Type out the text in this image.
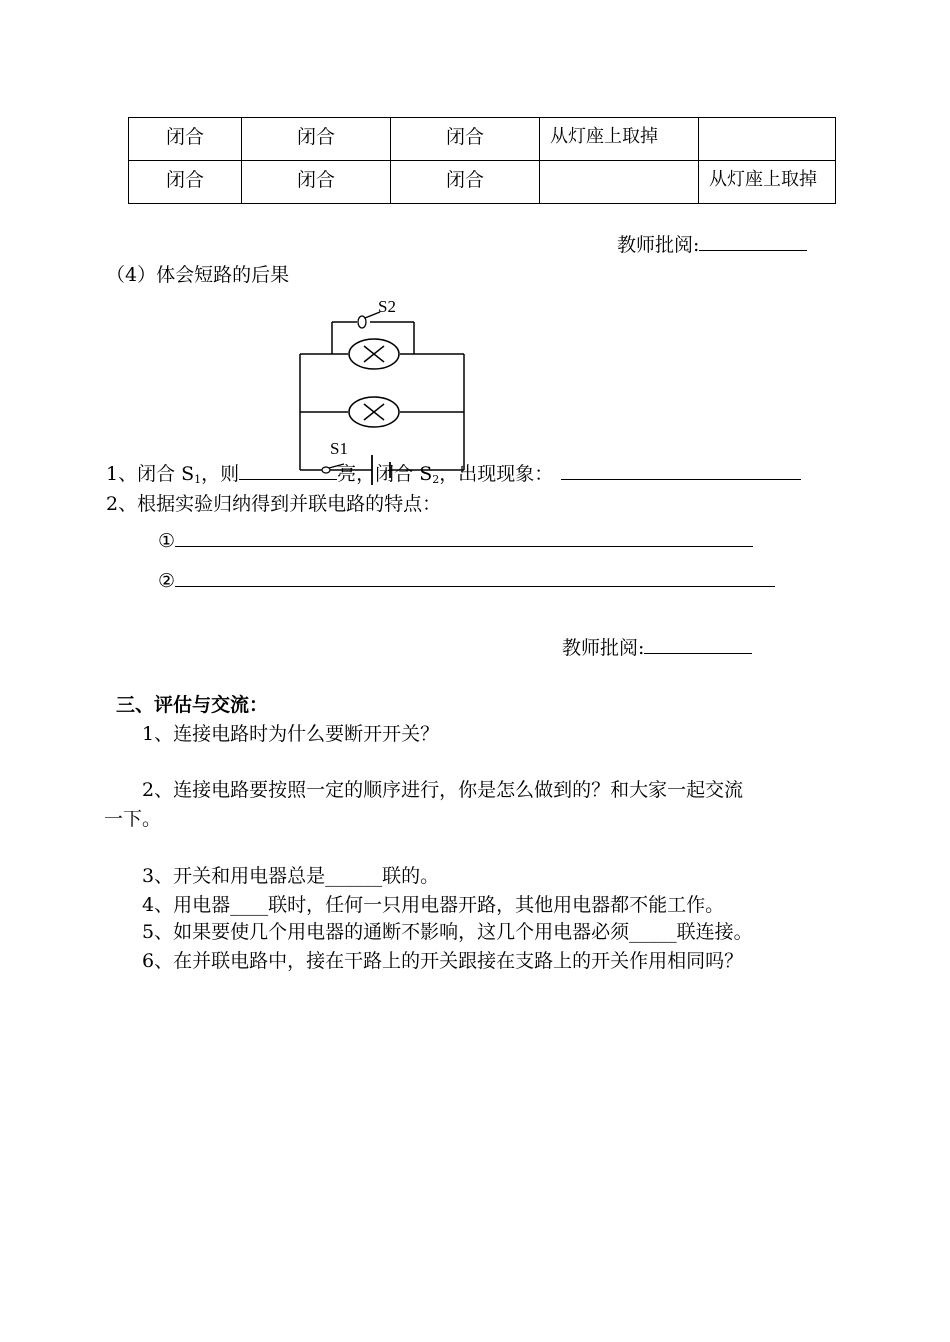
闭合	闭合	闭合	从灯座上取掉	
闭合	闭合	闭合		从灯座上取掉
教师批阅:
（4）体会短路的后果
S2
S1
1、闭合 $S_1$，则	亮，闭合 $S_2$，出现现象：
2、根据实验归纳得到并联电路的特点：
①
②
教师批阅:
三、评估与交流：
1、连接电路时为什么要断开开关？
2、连接电路要按照一定的顺序进行，你是怎么做到的？和大家一起交流
一下。
3、开关和用电器总是______联的。
4、用电器____联时，任何一只用电器开路，其他用电器都不能工作。
5、如果要使几个用电器的通断不影响，这几个用电器必须_____联连接。
6、在并联电路中，接在干路上的开关跟接在支路上的开关作用相同吗？
